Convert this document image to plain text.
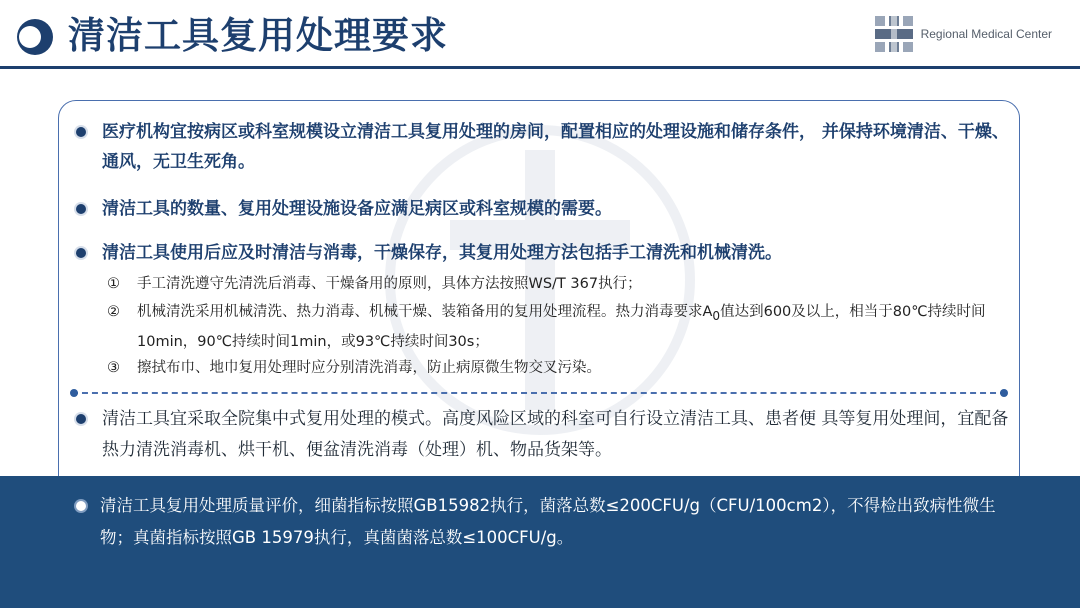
清洁工具复用处理要求	Regional Medical Center
医疗机构宜按病区或科室规模设立清洁工具复用处理的房间，配置相应的处理设施和储存条件， 并保持环境清洁、干燥、通风，无卫生死角。
清洁工具的数量、复用处理设施设备应满足病区或科室规模的需要。
清洁工具使用后应及时清洁与消毒，干燥保存，其复用处理方法包括手工清洗和机械清洗。
①	手工清洗遵守先清洗后消毒、干燥备用的原则，具体方法按照WS/T 367执行；
②	机械清洗采用机械清洗、热力消毒、机械干燥、装箱备用的复用处理流程。热力消毒要求$A_0$值达到600及以上，相当于80℃持续时间10min，90℃持续时间1min，或93℃持续时间30s；
③	擦拭布巾、地巾复用处理时应分别清洗消毒，防止病原微生物交叉污染。
清洁工具宜采取全院集中式复用处理的模式。高度风险区域的科室可自行设立清洁工具、患者便 具等复用处理间，宜配备热力清洗消毒机、烘干机、便盆清洗消毒（处理）机、物品货架等。
清洁工具复用处理质量评价，细菌指标按照GB15982执行，菌落总数≤200CFU/g（CFU/100cm2），不得检出致病性微生物；真菌指标按照GB 15979执行，真菌菌落总数≤100CFU/g。
